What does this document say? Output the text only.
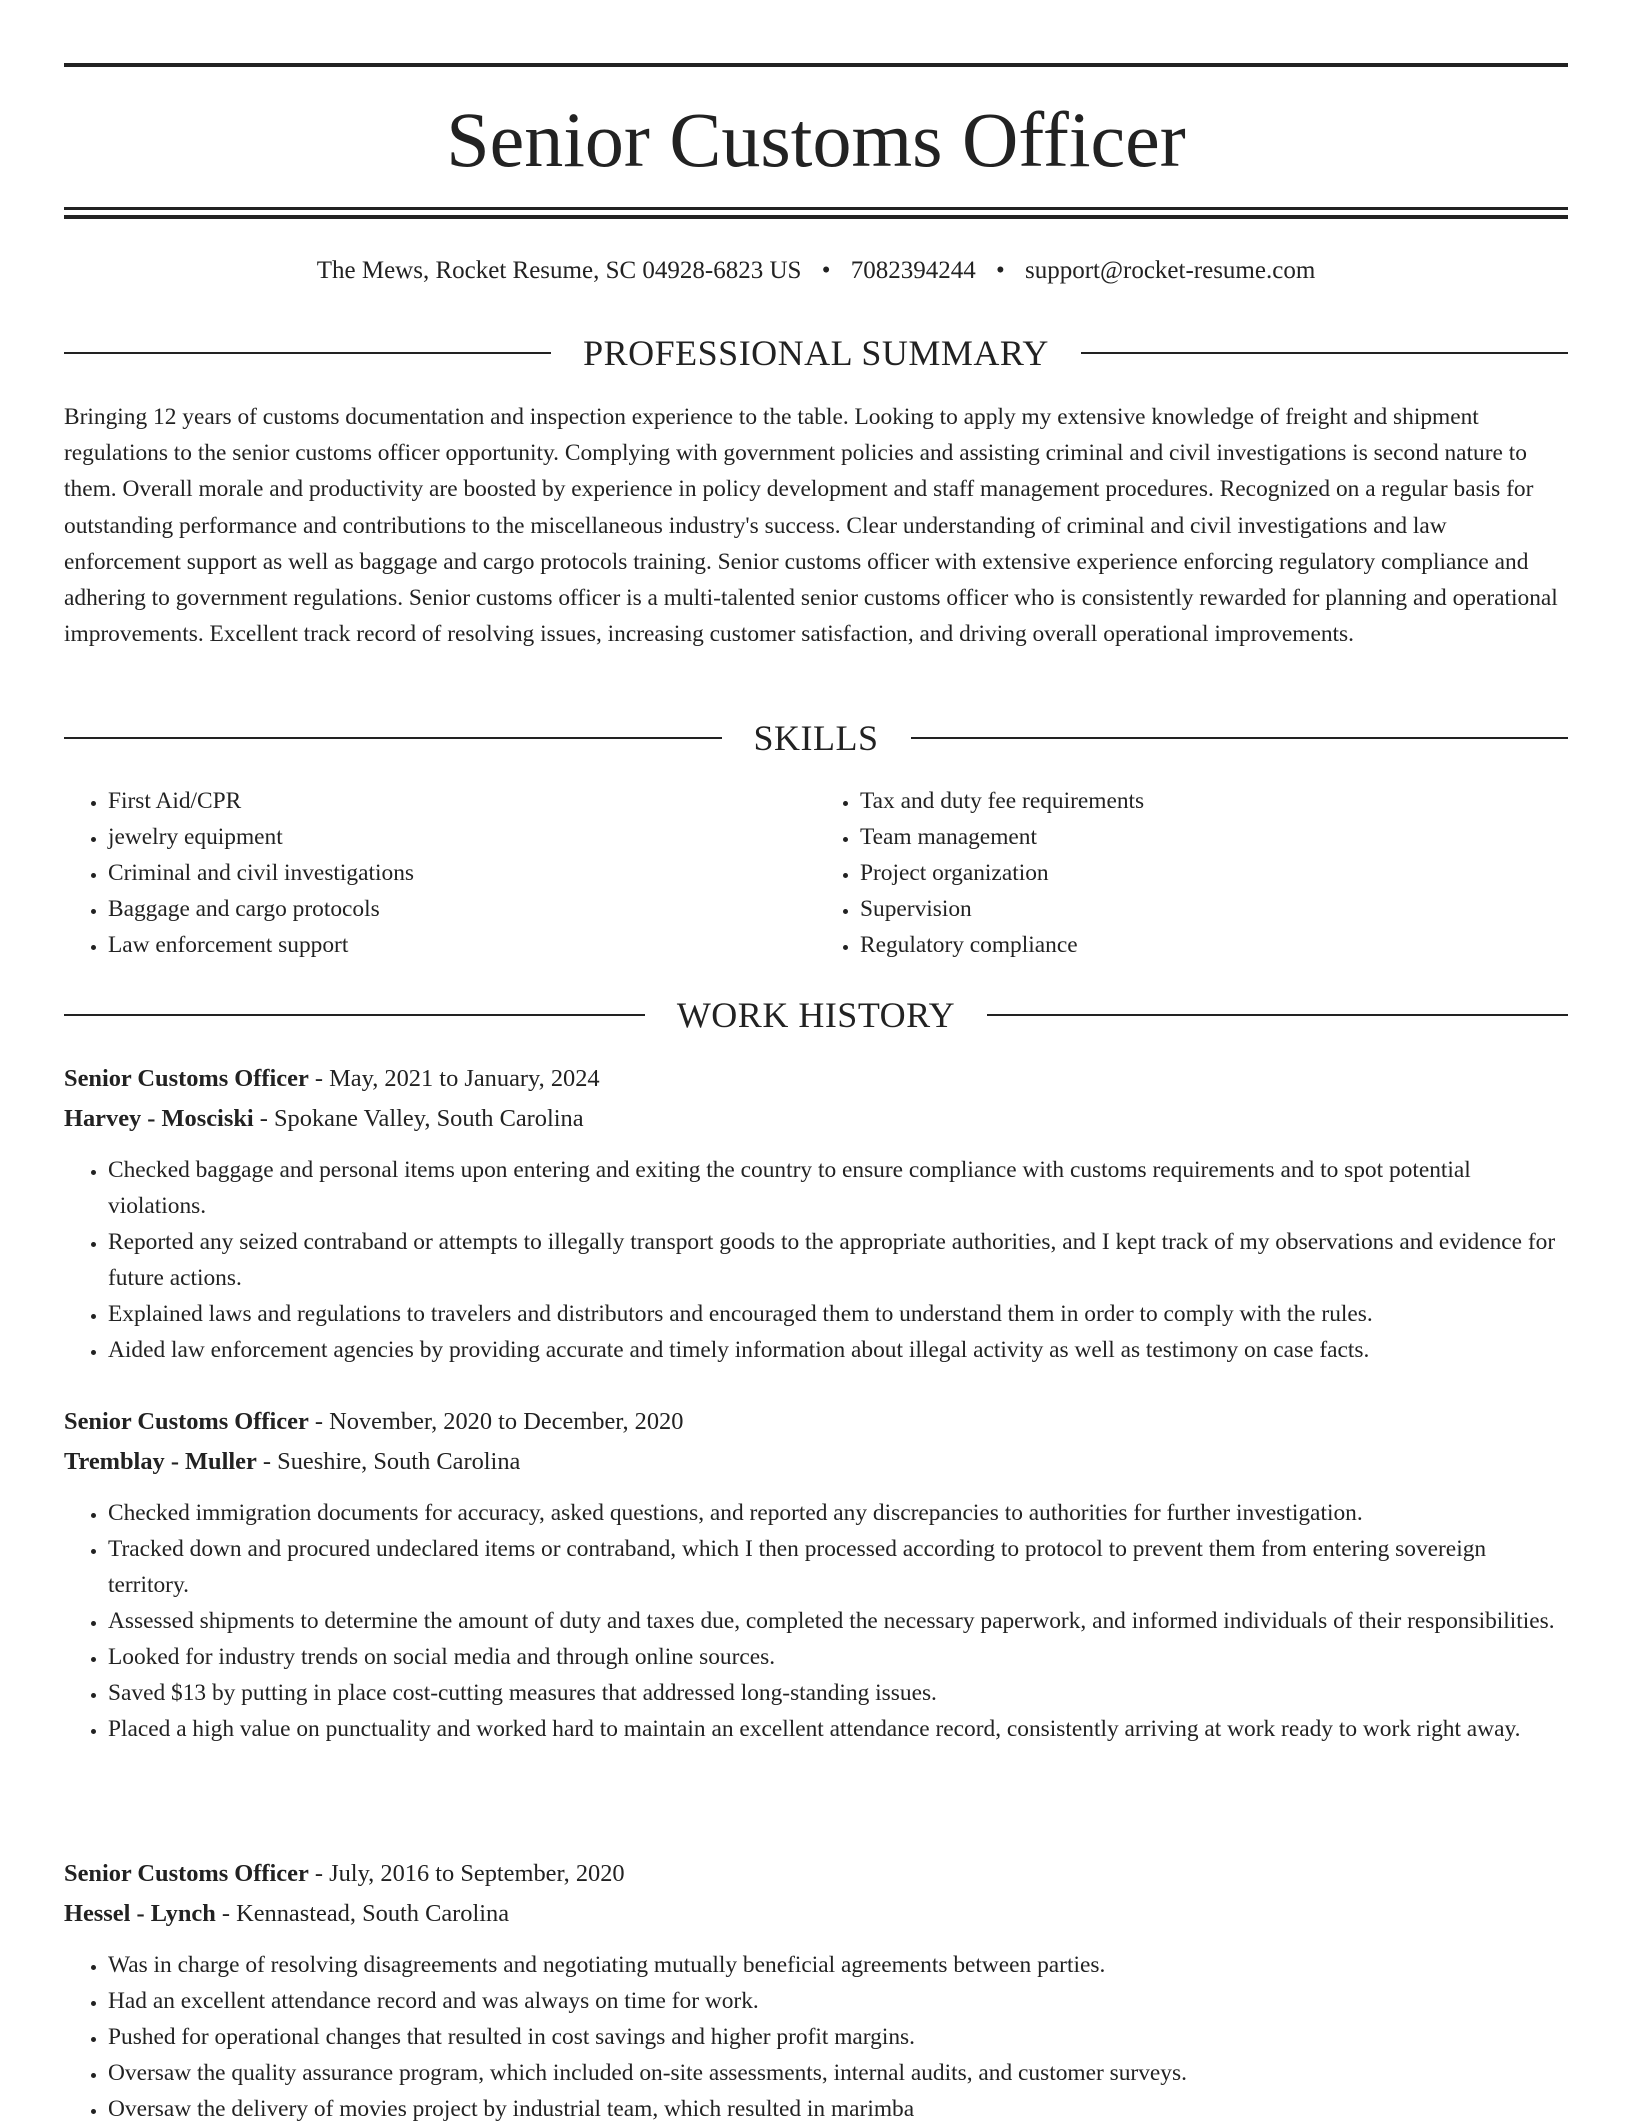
Senior Customs Officer
The Mews, Rocket Resume, SC 04928-6823 US • 7082394244 • support@rocket-resume.com
PROFESSIONAL SUMMARY

Bringing 12 years of customs documentation and inspection experience to the table. Looking to apply my extensive knowledge of freight and shipment regulations to the senior customs officer opportunity. Complying with government policies and assisting criminal and civil investigations is second nature to them. Overall morale and productivity are boosted by experience in policy development and staff management procedures. Recognized on a regular basis for outstanding performance and contributions to the miscellaneous industry's success. Clear understanding of criminal and civil investigations and law enforcement support as well as baggage and cargo protocols training. Senior customs officer with extensive experience enforcing regulatory compliance and adhering to government regulations. Senior customs officer is a multi-talented senior customs officer who is consistently rewarded for planning and operational improvements. Excellent track record of resolving issues, increasing customer satisfaction, and driving overall operational improvements.

SKILLS
• First Aid/CPR
• jewelry equipment
• Criminal and civil investigations
• Baggage and cargo protocols
• Law enforcement support
• Tax and duty fee requirements
• Team management
• Project organization
• Supervision
• Regulatory compliance
WORK HISTORY

Senior Customs Officer - May, 2021 to January, 2024

Harvey - Mosciski - Spokane Valley, South Carolina

• Checked baggage and personal items upon entering and exiting the country to ensure compliance with customs requirements and to spot potential violations.
• Reported any seized contraband or attempts to illegally transport goods to the appropriate authorities, and I kept track of my observations and evidence for future actions.
• Explained laws and regulations to travelers and distributors and encouraged them to understand them in order to comply with the rules.
• Aided law enforcement agencies by providing accurate and timely information about illegal activity as well as testimony on case facts.

Senior Customs Officer - November, 2020 to December, 2020

Tremblay - Muller - Sueshire, South Carolina

• Checked immigration documents for accuracy, asked questions, and reported any discrepancies to authorities for further investigation.
• Tracked down and procured undeclared items or contraband, which I then processed according to protocol to prevent them from entering sovereign territory.
• Assessed shipments to determine the amount of duty and taxes due, completed the necessary paperwork, and informed individuals of their responsibilities.
• Looked for industry trends on social media and through online sources.
• Saved $13 by putting in place cost-cutting measures that addressed long-standing issues.
• Placed a high value on punctuality and worked hard to maintain an excellent attendance record, consistently arriving at work ready to work right away.

Senior Customs Officer - July, 2016 to September, 2020

Hessel - Lynch - Kennastead, South Carolina

• Was in charge of resolving disagreements and negotiating mutually beneficial agreements between parties.
• Had an excellent attendance record and was always on time for work.
• Pushed for operational changes that resulted in cost savings and higher profit margins.
• Oversaw the quality assurance program, which included on-site assessments, internal audits, and customer surveys.
• Oversaw the delivery of movies project by industrial team, which resulted in marimba
